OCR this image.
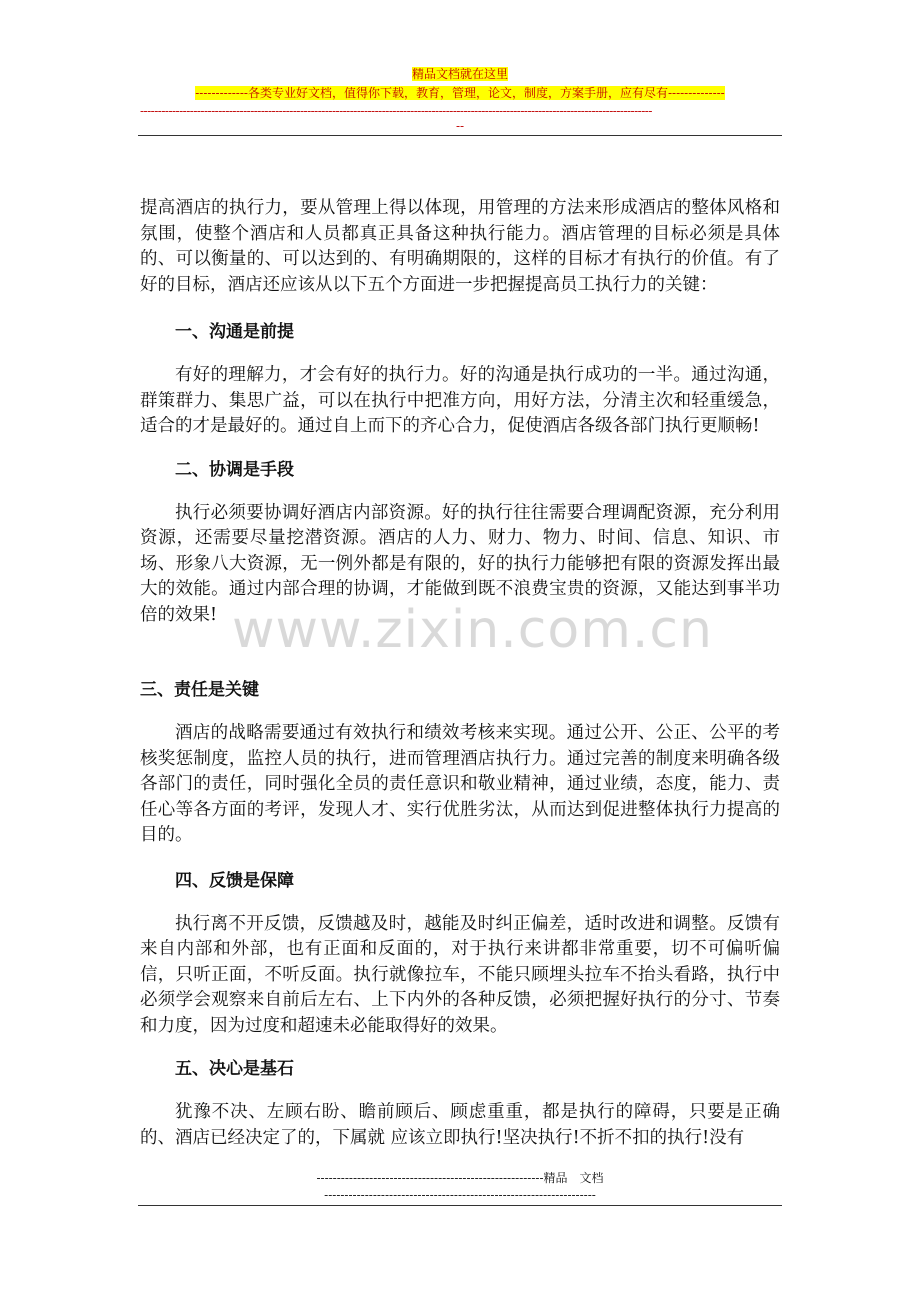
精品文档就在这里
-------------各类专业好文档，值得你下载，教育，管理，论文，制度，方案手册，应有尽有--------------
------------------------------------------------------------------------------------------------------------------------------------------------
--

提高酒店的执行力，要从管理上得以体现，用管理的方法来形成酒店的整体风格和氛围，使整个酒店和人员都真正具备这种执行能力。酒店管理的目标必须是具体的、可以衡量的、可以达到的、有明确期限的，这样的目标才有执行的价值。有了好的目标，酒店还应该从以下五个方面进一步把握提高员工执行力的关键：

一、沟通是前提

有好的理解力，才会有好的执行力。好的沟通是执行成功的一半。通过沟通，群策群力、集思广益，可以在执行中把准方向，用好方法，分清主次和轻重缓急，适合的才是最好的。通过自上而下的齐心合力，促使酒店各级各部门执行更顺畅!

二、协调是手段

执行必须要协调好酒店内部资源。好的执行往往需要合理调配资源，充分利用资源，还需要尽量挖潜资源。酒店的人力、财力、物力、时间、信息、知识、市场、形象八大资源，无一例外都是有限的，好的执行力能够把有限的资源发挥出最大的效能。通过内部合理的协调，才能做到既不浪费宝贵的资源，又能达到事半功倍的效果!

三、责任是关键

酒店的战略需要通过有效执行和绩效考核来实现。通过公开、公正、公平的考核奖惩制度，监控人员的执行，进而管理酒店执行力。通过完善的制度来明确各级各部门的责任，同时强化全员的责任意识和敬业精神，通过业绩，态度，能力、责任心等各方面的考评，发现人才、实行优胜劣汰，从而达到促进整体执行力提高的目的。

四、反馈是保障

执行离不开反馈，反馈越及时，越能及时纠正偏差，适时改进和调整。反馈有来自内部和外部，也有正面和反面的，对于执行来讲都非常重要，切不可偏听偏信，只听正面，不听反面。执行就像拉车，不能只顾埋头拉车不抬头看路，执行中必须学会观察来自前后左右、上下内外的各种反馈，必须把握好执行的分寸、节奏和力度，因为过度和超速未必能取得好的效果。

五、决心是基石

犹豫不决、左顾右盼、瞻前顾后、顾虑重重，都是执行的障碍，只要是正确的、酒店已经决定了的，下属就 应该立即执行!坚决执行!不折不扣的执行!没有

www.zixin.com.cn
--------------------------------------------------------精品　文档
-------------------------------------------------------------------
